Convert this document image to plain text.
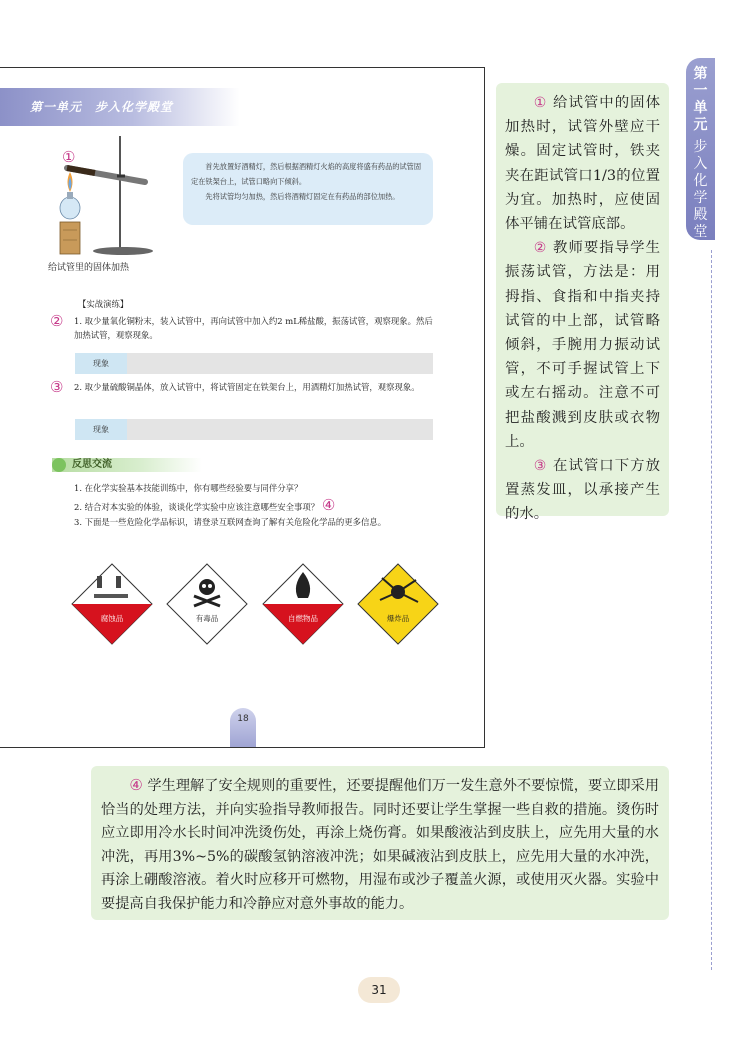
第一单元　步入化学殿堂
①
给试管里的固体加热

首先放置好酒精灯，然后根据酒精灯火焰的高度将盛有药品的试管固定在铁架台上，试管口略向下倾斜。

先将试管均匀加热，然后将酒精灯固定在有药品的部位加热。

【实战演练】
② 1. 取少量氧化铜粉末，装入试管中，再向试管中加入约2 mL稀盐酸，振荡试管，观察现象。然后加热试管，观察现象。
现象
③ 2. 取少量硫酸铜晶体，放入试管中，将试管固定在铁架台上，用酒精灯加热试管，观察现象。
现象
反思交流
1. 在化学实验基本技能训练中，你有哪些经验要与同伴分享？
2. 结合对本实验的体验，谈谈化学实验中应该注意哪些安全事项？ ④
3. 下面是一些危险化学品标识，请登录互联网查询了解有关危险化学品的更多信息。
腐蚀品	有毒品	自燃物品	爆炸品
18

① 给试管中的固体加热时，试管外壁应干燥。固定试管时，铁夹夹在距试管口1/3的位置为宜。加热时，应使固体平铺在试管底部。

② 教师要指导学生振荡试管，方法是：用拇指、食指和中指夹持试管的中上部，试管略倾斜，手腕用力振动试管，不可手握试管上下或左右摇动。注意不可把盐酸溅到皮肤或衣物上。

③ 在试管口下方放置蒸发皿，以承接产生的水。

④ 学生理解了安全规则的重要性，还要提醒他们万一发生意外不要惊慌，要立即采用恰当的处理方法，并向实验指导教师报告。同时还要让学生掌握一些自救的措施。烫伤时应立即用冷水长时间冲洗烫伤处，再涂上烧伤膏。如果酸液沾到皮肤上，应先用大量的水冲洗，再用3%~5%的碳酸氢钠溶液冲洗；如果碱液沾到皮肤上，应先用大量的水冲洗，再涂上硼酸溶液。着火时应移开可燃物，用湿布或沙子覆盖火源，或使用灭火器。实验中要提高自我保护能力和冷静应对意外事故的能力。

第
一
单
元
步
入
化
学
殿
堂
31
